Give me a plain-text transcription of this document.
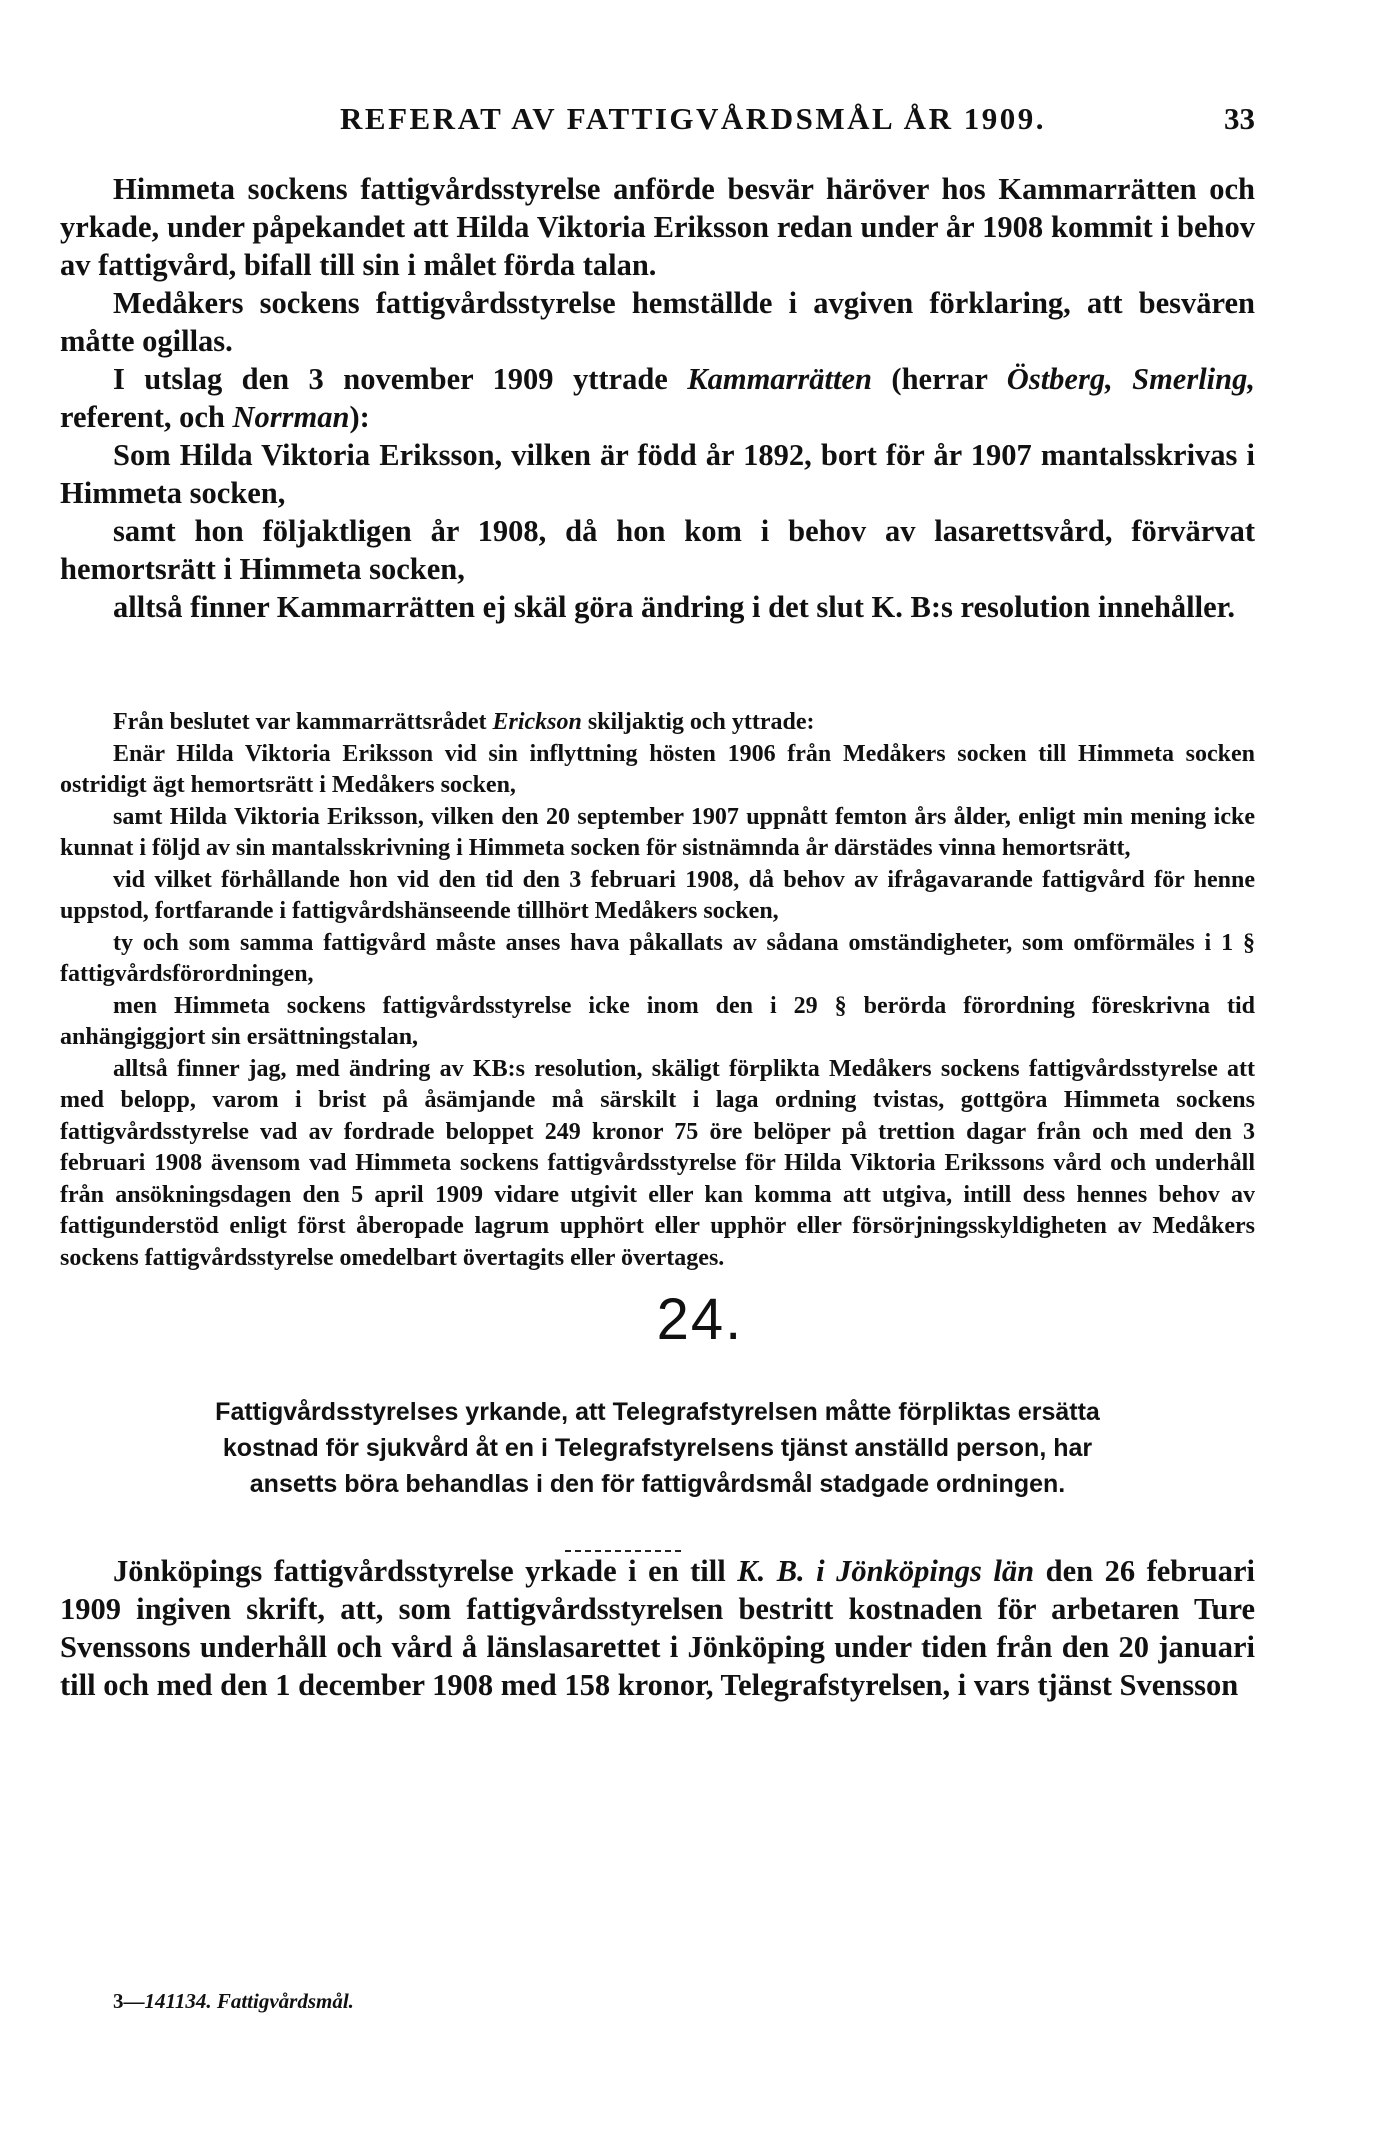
REFERAT AV FATTIGVÅRDSMÅL ÅR 1909.	33

Himmeta sockens fattigvårdsstyrelse anförde besvär häröver hos Kammarrätten och yrkade, under påpekandet att Hilda Viktoria Eriksson redan under år 1908 kommit i behov av fattigvård, bifall till sin i målet förda talan.

Medåkers sockens fattigvårdsstyrelse hemställde i avgiven förklaring, att besvären måtte ogillas.

I utslag den 3 november 1909 yttrade Kammarrätten (herrar Östberg, Smerling, referent, och Norrman):

Som Hilda Viktoria Eriksson, vilken är född år 1892, bort för år 1907 mantalsskrivas i Himmeta socken,

samt hon följaktligen år 1908, då hon kom i behov av lasarettsvård, förvärvat hemortsrätt i Himmeta socken,

alltså finner Kammarrätten ej skäl göra ändring i det slut K. B:s resolution innehåller.

Från beslutet var kammarrättsrådet Erickson skiljaktig och yttrade:

Enär Hilda Viktoria Eriksson vid sin inflyttning hösten 1906 från Medåkers socken till Himmeta socken ostridigt ägt hemortsrätt i Medåkers socken,

samt Hilda Viktoria Eriksson, vilken den 20 september 1907 uppnått femton års ålder, enligt min mening icke kunnat i följd av sin mantalsskrivning i Himmeta socken för sistnämnda år därstädes vinna hemortsrätt,

vid vilket förhållande hon vid den tid den 3 februari 1908, då behov av ifrågavarande fattigvård för henne uppstod, fortfarande i fattigvårdshänseende tillhört Medåkers socken,

ty och som samma fattigvård måste anses hava påkallats av sådana omständigheter, som omförmäles i 1 § fattigvårdsförordningen,

men Himmeta sockens fattigvårdsstyrelse icke inom den i 29 § berörda förordning föreskrivna tid anhängiggjort sin ersättningstalan,

alltså finner jag, med ändring av KB:s resolution, skäligt förplikta Medåkers sockens fattigvårdsstyrelse att med belopp, varom i brist på åsämjande må särskilt i laga ordning tvistas, gottgöra Himmeta sockens fattigvårdsstyrelse vad av fordrade beloppet 249 kronor 75 öre belöper på trettion dagar från och med den 3 februari 1908 ävensom vad Himmeta sockens fattigvårdsstyrelse för Hilda Viktoria Erikssons vård och underhåll från ansökningsdagen den 5 april 1909 vidare utgivit eller kan komma att utgiva, intill dess hennes behov av fattigunderstöd enligt först åberopade lagrum upphört eller upphör eller försörjningsskyldigheten av Medåkers sockens fattigvårdsstyrelse omedelbart övertagits eller övertages.

24.

Fattigvårdsstyrelses yrkande, att Telegrafstyrelsen måtte förpliktas ersätta

kostnad för sjukvård åt en i Telegrafstyrelsens tjänst anställd person, har

ansetts böra behandlas i den för fattigvårdsmål stadgade ordningen.

Jönköpings fattigvårdsstyrelse yrkade i en till K. B. i Jönköpings län den 26 februari 1909 ingiven skrift, att, som fattigvårdsstyrelsen bestritt kostnaden för arbetaren Ture Svenssons underhåll och vård å länslasarettet i Jönköping under tiden från den 20 januari till och med den 1 december 1908 med 158 kronor, Telegrafstyrelsen, i vars tjänst Svensson

3—141134. Fattigvårdsmål.
